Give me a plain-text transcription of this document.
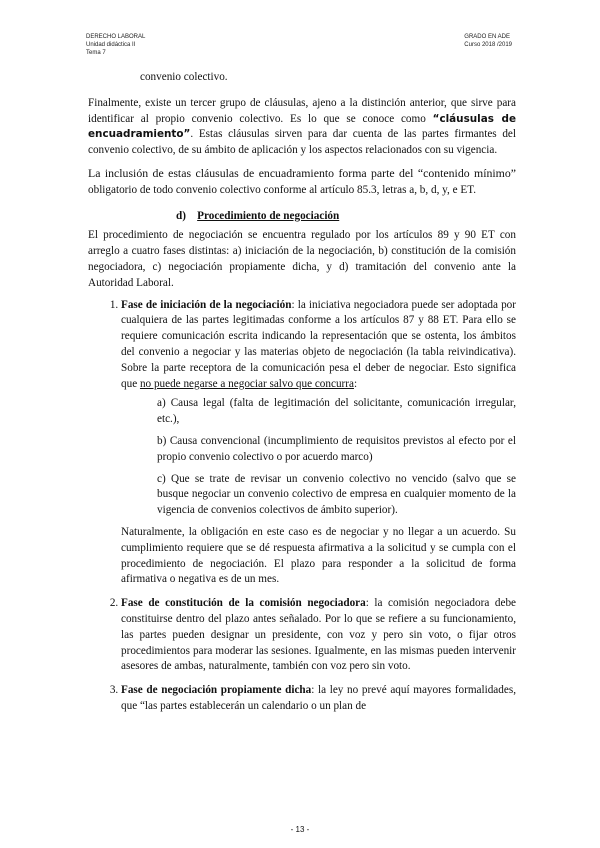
DERECHO LABORAL
Unidad didáctica II
Tema 7
GRADO EN ADE
Curso 2018 /2019

convenio colectivo.

Finalmente, existe un tercer grupo de cláusulas, ajeno a la distinción anterior, que sirve para identificar al propio convenio colectivo. Es lo que se conoce como “cláusulas de encuadramiento”. Estas cláusulas sirven para dar cuenta de las partes firmantes del convenio colectivo, de su ámbito de aplicación y los aspectos relacionados con su vigencia.

La inclusión de estas cláusulas de encuadramiento forma parte del “contenido mínimo” obligatorio de todo convenio colectivo conforme al artículo 85.3, letras a, b, d, y, e ET.

d) Procedimiento de negociación

El procedimiento de negociación se encuentra regulado por los artículos 89 y 90 ET con arreglo a cuatro fases distintas: a) iniciación de la negociación, b) constitución de la comisión negociadora, c) negociación propiamente dicha, y d) tramitación del convenio ante la Autoridad Laboral.

1. Fase de iniciación de la negociación: la iniciativa negociadora puede ser adoptada por cualquiera de las partes legitimadas conforme a los artículos 87 y 88 ET. Para ello se requiere comunicación escrita indicando la representación que se ostenta, los ámbitos del convenio a negociar y las materias objeto de negociación (la tabla reivindicativa). Sobre la parte receptora de la comunicación pesa el deber de negociar. Esto significa que no puede negarse a negociar salvo que concurra:

a) Causa legal (falta de legitimación del solicitante, comunicación irregular, etc.),

b) Causa convencional (incumplimiento de requisitos previstos al efecto por el propio convenio colectivo o por acuerdo marco)

c) Que se trate de revisar un convenio colectivo no vencido (salvo que se busque negociar un convenio colectivo de empresa en cualquier momento de la vigencia de convenios colectivos de ámbito superior).

Naturalmente, la obligación en este caso es de negociar y no llegar a un acuerdo. Su cumplimiento requiere que se dé respuesta afirmativa a la solicitud y se cumpla con el procedimiento de negociación. El plazo para responder a la solicitud de forma afirmativa o negativa es de un mes.

2. Fase de constitución de la comisión negociadora: la comisión negociadora debe constituirse dentro del plazo antes señalado. Por lo que se refiere a su funcionamiento, las partes pueden designar un presidente, con voz y pero sin voto, o fijar otros procedimientos para moderar las sesiones. Igualmente, en las mismas pueden intervenir asesores de ambas, naturalmente, también con voz pero sin voto.

3. Fase de negociación propiamente dicha: la ley no prevé aquí mayores formalidades, que “las partes establecerán un calendario o un plan de

- 13 -
